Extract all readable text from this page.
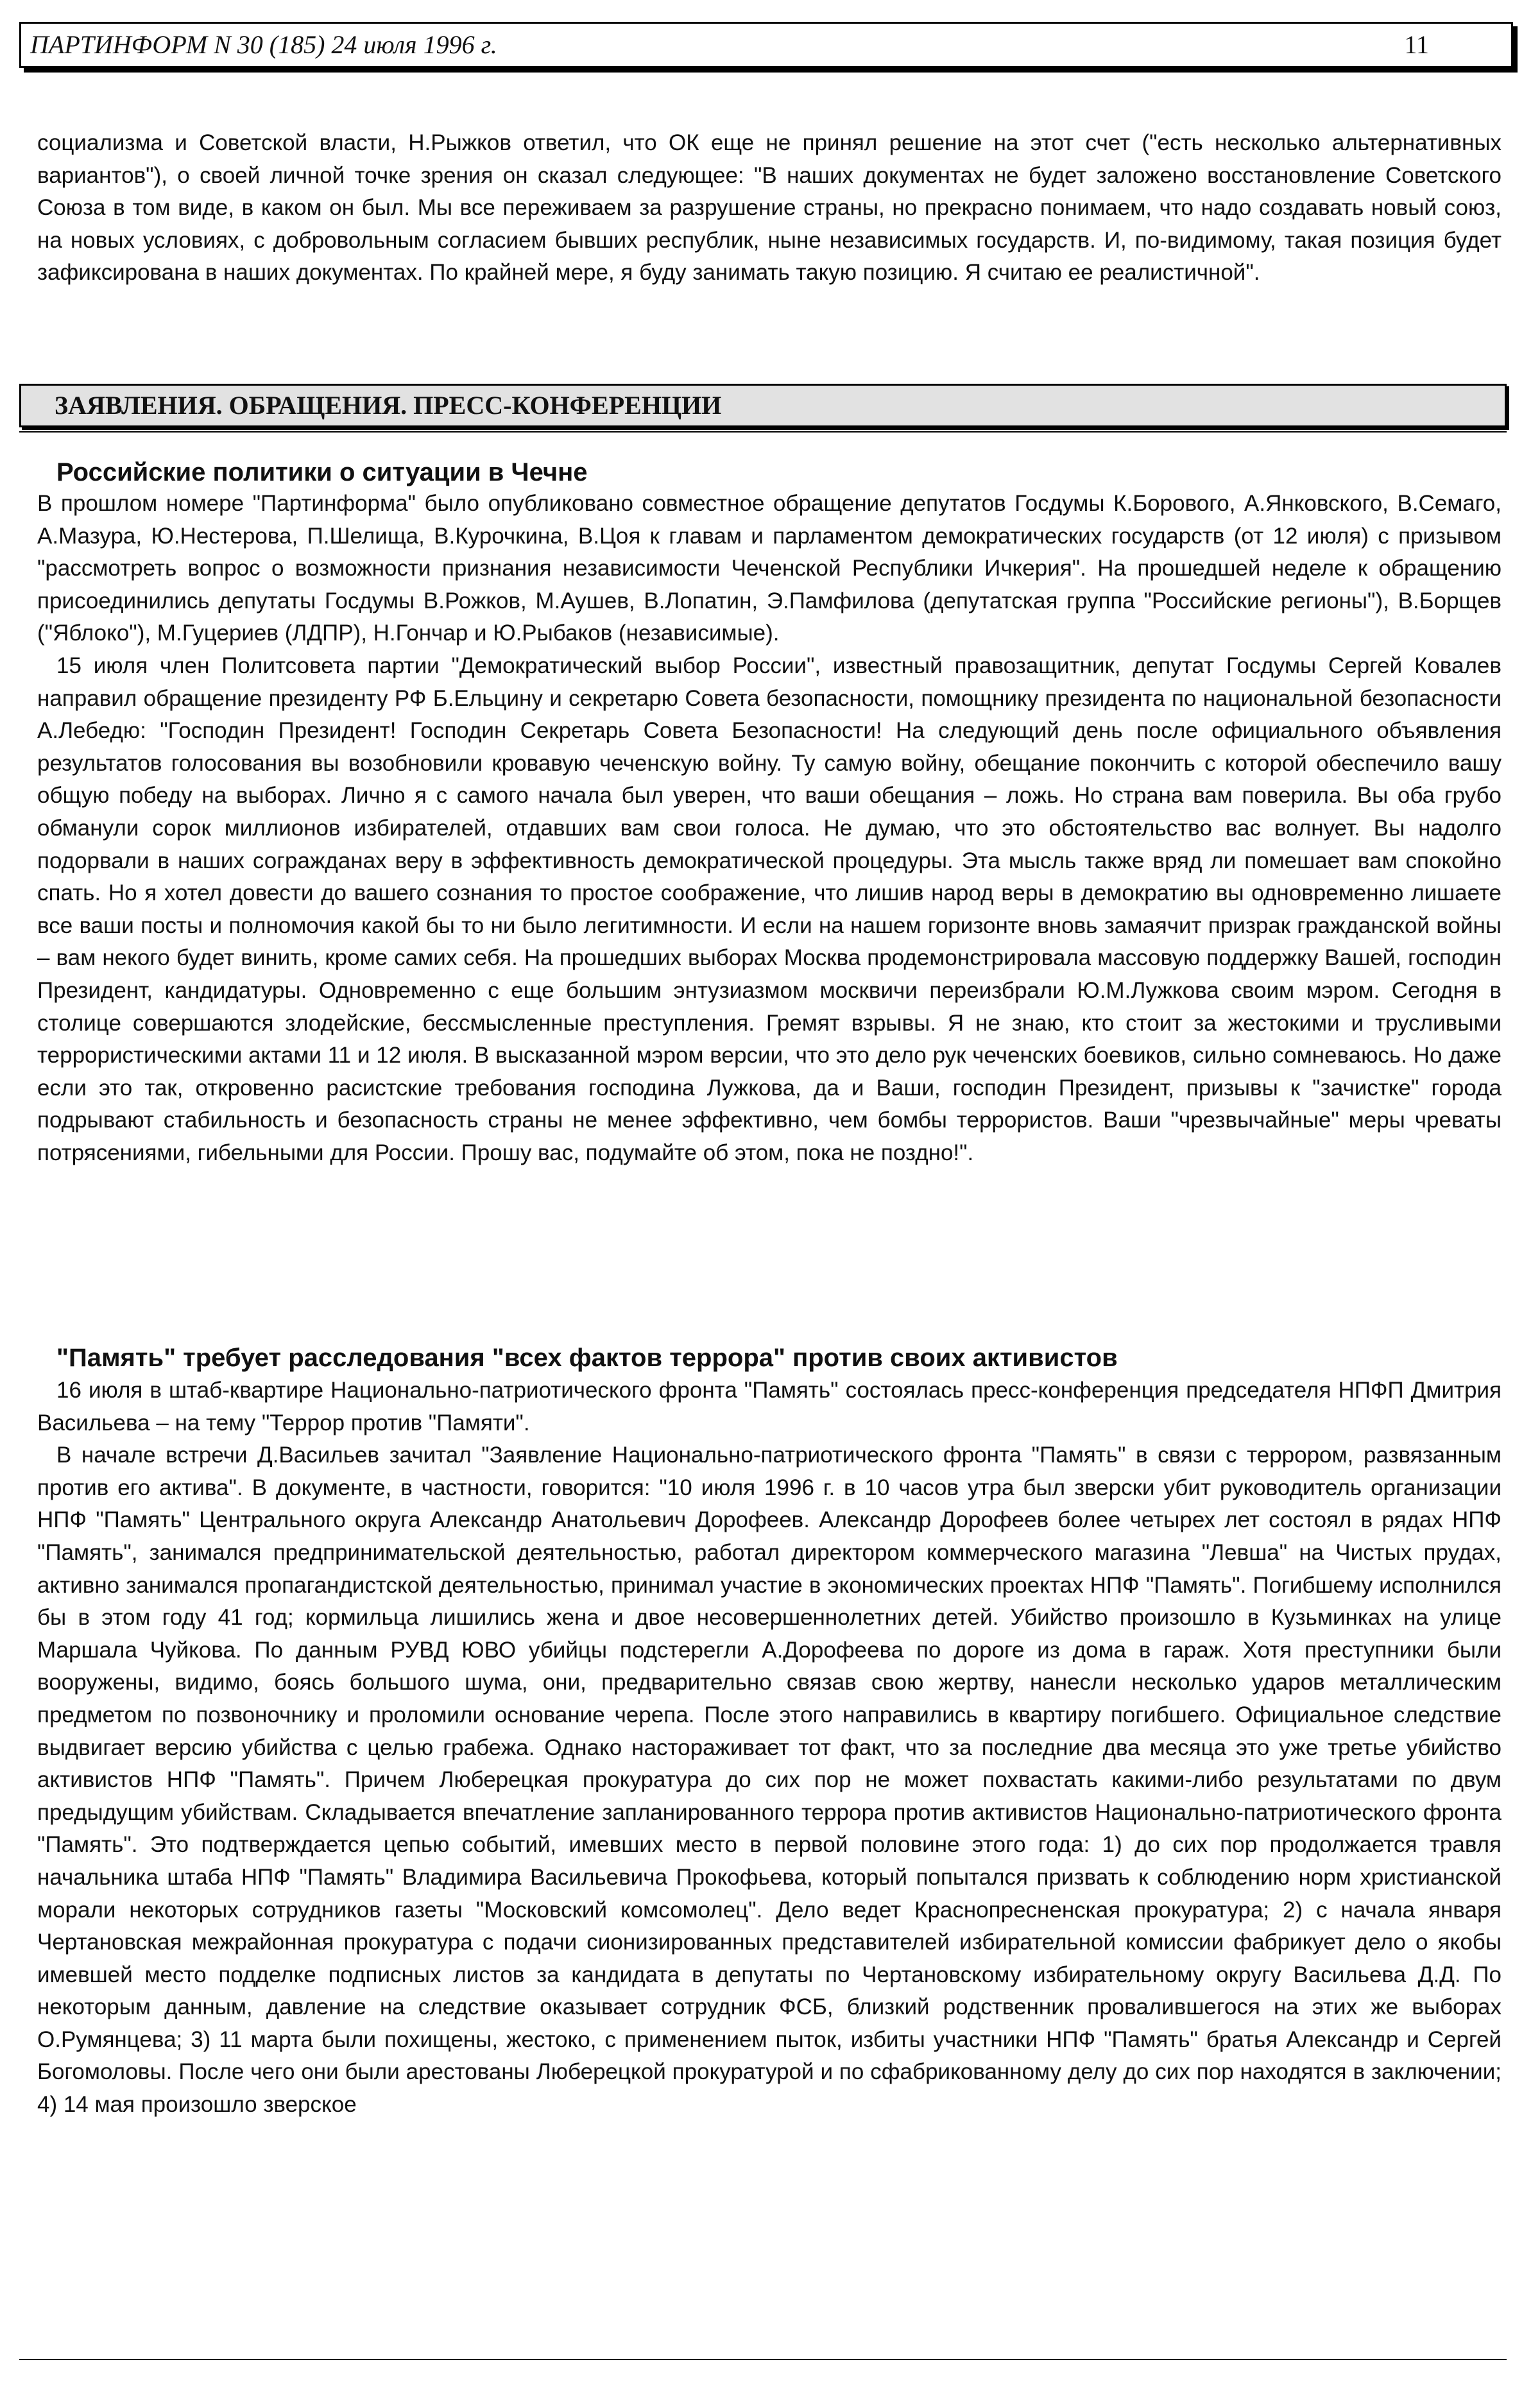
ПАРТИНФОРМ N 30 (185) 24 июля 1996 г.	11

социализма и Советской власти, Н.Рыжков ответил, что ОК еще не принял решение на этот счет ("есть несколько альтернативных вариантов"), о своей личной точке зрения он сказал следующее: "В наших документах не будет заложено восстановление Советского Союза в том виде, в каком он был. Мы все переживаем за разрушение страны, но прекрасно понимаем, что надо создавать новый союз, на новых условиях, с добровольным согласием бывших республик, ныне независимых государств. И, по-видимому, такая позиция будет зафиксирована в наших документах. По крайней мере, я буду занимать такую позицию. Я считаю ее реалистичной".

ЗАЯВЛЕНИЯ. ОБРАЩЕНИЯ. ПРЕСС-КОНФЕРЕНЦИИ
Российские политики о ситуации в Чечне

В прошлом номере "Партинформа" было опубликовано совместное обращение депутатов Госдумы К.Борового, А.Янковского, В.Семаго, А.Мазура, Ю.Нестерова, П.Шелища, В.Курочкина, В.Цоя к главам и парламентом демократических государств (от 12 июля) с призывом "рассмотреть вопрос о возможности признания независимости Чеченской Республики Ичкерия". На прошедшей неделе к обращению присоединились депутаты Госдумы В.Рожков, М.Аушев, В.Лопатин, Э.Памфилова (депутатская группа "Российские регионы"), В.Борщев ("Яблоко"), М.Гуцериев (ЛДПР), Н.Гончар и Ю.Рыбаков (независимые).

15 июля член Политсовета партии "Демократический выбор России", известный правозащитник, депутат Госдумы Сергей Ковалев направил обращение президенту РФ Б.Ельцину и секретарю Совета безопасности, помощнику президента по национальной безопасности А.Лебедю: "Господин Президент! Господин Секретарь Совета Безопасности! На следующий день после официального объявления результатов голосования вы возобновили кровавую чеченскую войну. Ту самую войну, обещание покончить с которой обеспечило вашу общую победу на выборах. Лично я с самого начала был уверен, что ваши обещания – ложь. Но страна вам поверила. Вы оба грубо обманули сорок миллионов избирателей, отдавших вам свои голоса. Не думаю, что это обстоятельство вас волнует. Вы надолго подорвали в наших согражданах веру в эффективность демократической процедуры. Эта мысль также вряд ли помешает вам спокойно спать. Но я хотел довести до вашего сознания то простое соображение, что лишив народ веры в демократию вы одновременно лишаете все ваши посты и полномочия какой бы то ни было легитимности. И если на нашем горизонте вновь замаячит призрак гражданской войны – вам некого будет винить, кроме самих себя. На прошедших выборах Москва продемонстрировала массовую поддержку Вашей, господин Президент, кандидатуры. Одновременно с еще большим энтузиазмом москвичи переизбрали Ю.М.Лужкова своим мэром. Сегодня в столице совершаются злодейские, бессмысленные преступления. Гремят взрывы. Я не знаю, кто стоит за жестокими и трусливыми террористическими актами 11 и 12 июля. В высказанной мэром версии, что это дело рук чеченских боевиков, сильно сомневаюсь. Но даже если это так, откровенно расистские требования господина Лужкова, да и Ваши, господин Президент, призывы к "зачистке" города подрывают стабильность и безопасность страны не менее эффективно, чем бомбы террористов. Ваши "чрезвычайные" меры чреваты потрясениями, гибельными для России. Прошу вас, подумайте об этом, пока не поздно!".

"Память" требует расследования "всех фактов террора" против своих активистов

16 июля в штаб-квартире Национально-патриотического фронта "Память" состоялась пресс-конференция председателя НПФП Дмитрия Васильева – на тему "Террор против "Памяти".

В начале встречи Д.Васильев зачитал "Заявление Национально-патриотического фронта "Память" в связи с террором, развязанным против его актива". В документе, в частности, говорится: "10 июля 1996 г. в 10 часов утра был зверски убит руководитель организации НПФ "Память" Центрального округа Александр Анатольевич Дорофеев. Александр Дорофеев более четырех лет состоял в рядах НПФ "Память", занимался предпринимательской деятельностью, работал директором коммерческого магазина "Левша" на Чистых прудах, активно занимался пропагандистской деятельностью, принимал участие в экономических проектах НПФ "Память". Погибшему исполнился бы в этом году 41 год; кормильца лишились жена и двое несовершеннолетних детей. Убийство произошло в Кузьминках на улице Маршала Чуйкова. По данным РУВД ЮВО убийцы подстерегли А.Дорофеева по дороге из дома в гараж. Хотя преступники были вооружены, видимо, боясь большого шума, они, предварительно связав свою жертву, нанесли несколько ударов металлическим предметом по позвоночнику и проломили основание черепа. После этого направились в квартиру погибшего. Официальное следствие выдвигает версию убийства с целью грабежа. Однако настораживает тот факт, что за последние два месяца это уже третье убийство активистов НПФ "Память". Причем Люберецкая прокуратура до сих пор не может похвастать какими-либо результатами по двум предыдущим убийствам. Складывается впечатление запланированного террора против активистов Национально-патриотического фронта "Память". Это подтверждается цепью событий, имевших место в первой половине этого года: 1) до сих пор продолжается травля начальника штаба НПФ "Память" Владимира Васильевича Прокофьева, который попытался призвать к соблюдению норм христианской морали некоторых сотрудников газеты "Московский комсомолец". Дело ведет Краснопресненская прокуратура; 2) с начала января Чертановская межрайонная прокуратура с подачи сионизированных представителей избирательной комиссии фабрикует дело о якобы имевшей место подделке подписных листов за кандидата в депутаты по Чертановскому избирательному округу Васильева Д.Д. По некоторым данным, давление на следствие оказывает сотрудник ФСБ, близкий родственник провалившегося на этих же выборах О.Румянцева; 3) 11 марта были похищены, жестоко, с применением пыток, избиты участники НПФ "Память" братья Александр и Сергей Богомоловы. После чего они были арестованы Люберецкой прокуратурой и по сфабрикованному делу до сих пор находятся в заключении; 4) 14 мая произошло зверское
